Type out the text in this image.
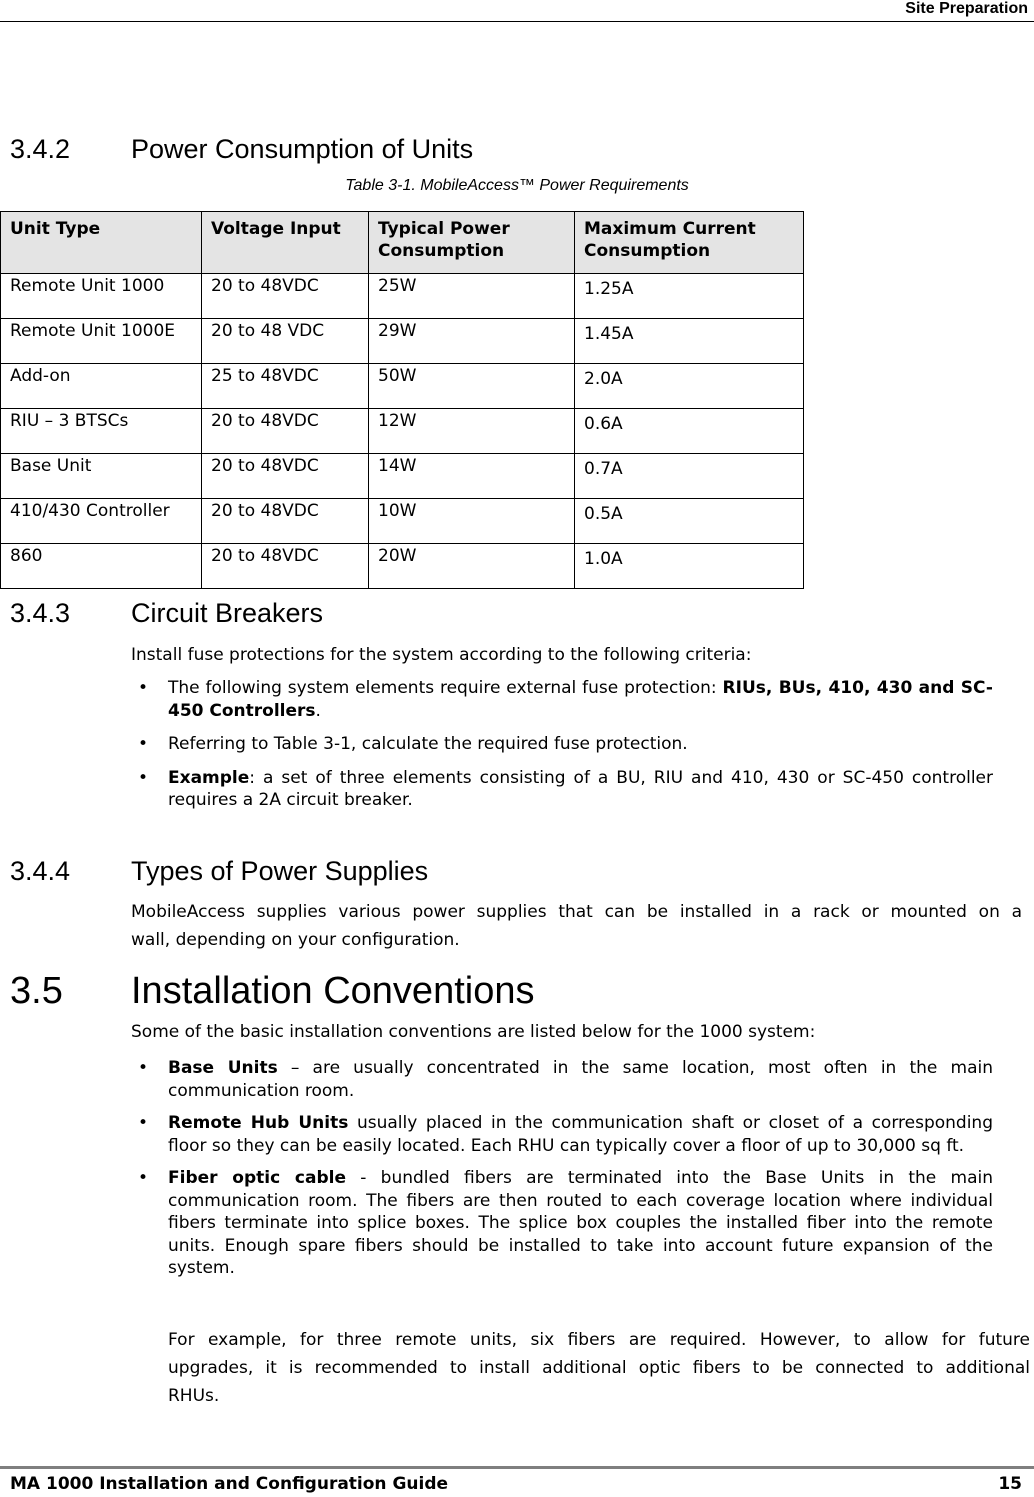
Site Preparation
3.4.2 Power Consumption of Units
Table 3-1. MobileAccess™ Power Requirements
Unit Type	Voltage Input	Typical Power Consumption	Maximum Current Consumption
Remote Unit 1000	20 to 48VDC	25W	1.25A
Remote Unit 1000E	20 to 48 VDC	29W	1.45A
Add-on	25 to 48VDC	50W	2.0A
RIU – 3 BTSCs	20 to 48VDC	12W	0.6A
Base Unit	20 to 48VDC	14W	0.7A
410/430 Controller	20 to 48VDC	10W	0.5A
860	20 to 48VDC	20W	1.0A
3.4.3 Circuit Breakers
Install fuse protections for the system according to the following criteria:
• The following system elements require external fuse protection: RIUs, BUs, 410, 430 and SC-450 Controllers.
• Referring to Table 3-1, calculate the required fuse protection.
• Example: a set of three elements consisting of a BU, RIU and 410, 430 or SC-450 controller requires a 2A circuit breaker.
3.4.4 Types of Power Supplies
MobileAccess supplies various power supplies that can be installed in a rack or mounted on a
wall, depending on your configuration.
3.5 Installation Conventions
Some of the basic installation conventions are listed below for the 1000 system:
• Base Units – are usually concentrated in the same location, most often in the main communication room.
• Remote Hub Units usually placed in the communication shaft or closet of a corresponding floor so they can be easily located. Each RHU can typically cover a floor of up to 30,000 sq ft.
• Fiber optic cable - bundled fibers are terminated into the Base Units in the main communication room. The fibers are then routed to each coverage location where individual fibers terminate into splice boxes. The splice box couples the installed fiber into the remote units. Enough spare fibers should be installed to take into account future expansion of the system.
For example, for three remote units, six fibers are required. However, to allow for future
upgrades, it is recommended to install additional optic fibers to be connected to additional
RHUs.
MA 1000 Installation and Configuration Guide	15
